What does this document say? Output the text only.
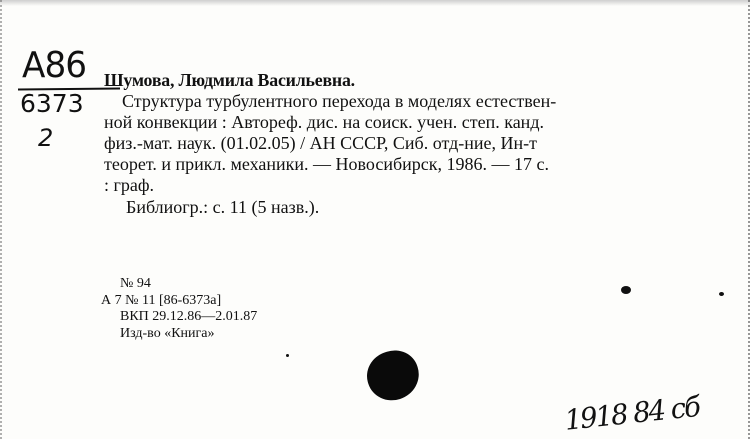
A86
6373
2
Шумова, Людмила Васильевна.
Структура турбулентного перехода в моделях естествен-
ной конвекции : Автореф. дис. на соиск. учен. степ. канд.
физ.-мат. наук. (01.02.05) / АН СССР, Сиб. отд-ние, Ин-т
теорет. и прикл. механики. — Новосибирск, 1986. — 17 с.
: граф.
Библиогр.: с. 11 (5 назв.).
№ 94
А 7 № 11 [86-6373а]
ВКП 29.12.86—2.01.87
Изд-во «Книга»
1918 84 сб
